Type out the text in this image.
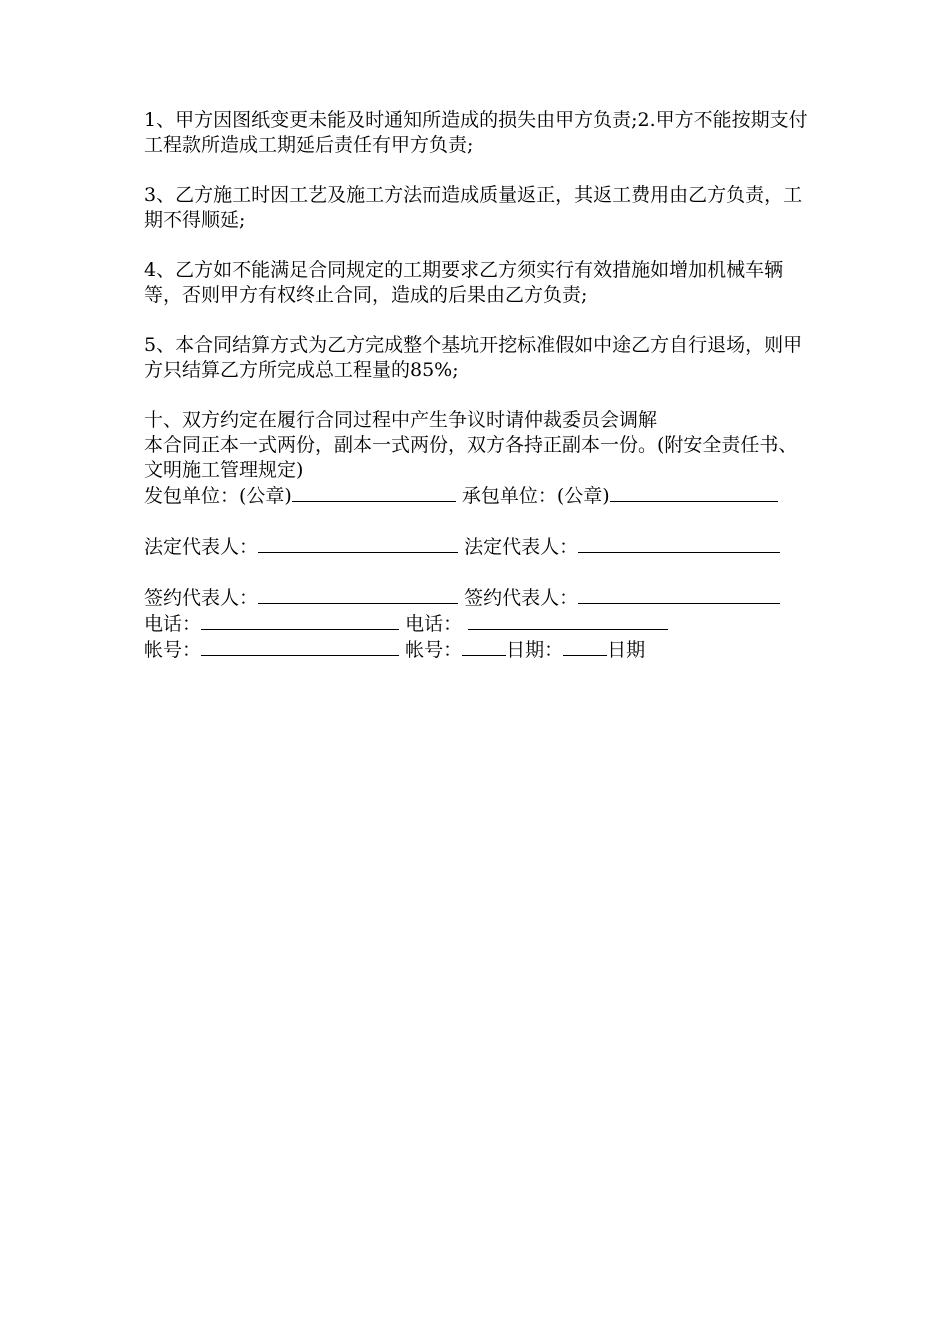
1、甲方因图纸变更未能及时通知所造成的损失由甲方负责;2.甲方不能按期支付工程款所造成工期延后责任有甲方负责;

3、乙方施工时因工艺及施工方法而造成质量返正，其返工费用由乙方负责，工期不得顺延;

4、乙方如不能满足合同规定的工期要求乙方须实行有效措施如增加机械车辆等，否则甲方有权终止合同，造成的后果由乙方负责;

5、本合同结算方式为乙方完成整个基坑开挖标准假如中途乙方自行退场，则甲方只结算乙方所完成总工程量的85%;

十、双方约定在履行合同过程中产生争议时请仲裁委员会调解

本合同正本一式两份，副本一式两份，双方各持正副本一份。(附安全责任书、文明施工管理规定)

发包单位：(公章)	承包单位：(公章)
法定代表人：	法定代表人：
签约代表人：	签约代表人：
电话：	电话：
帐号：	帐号： 日期： 日期
